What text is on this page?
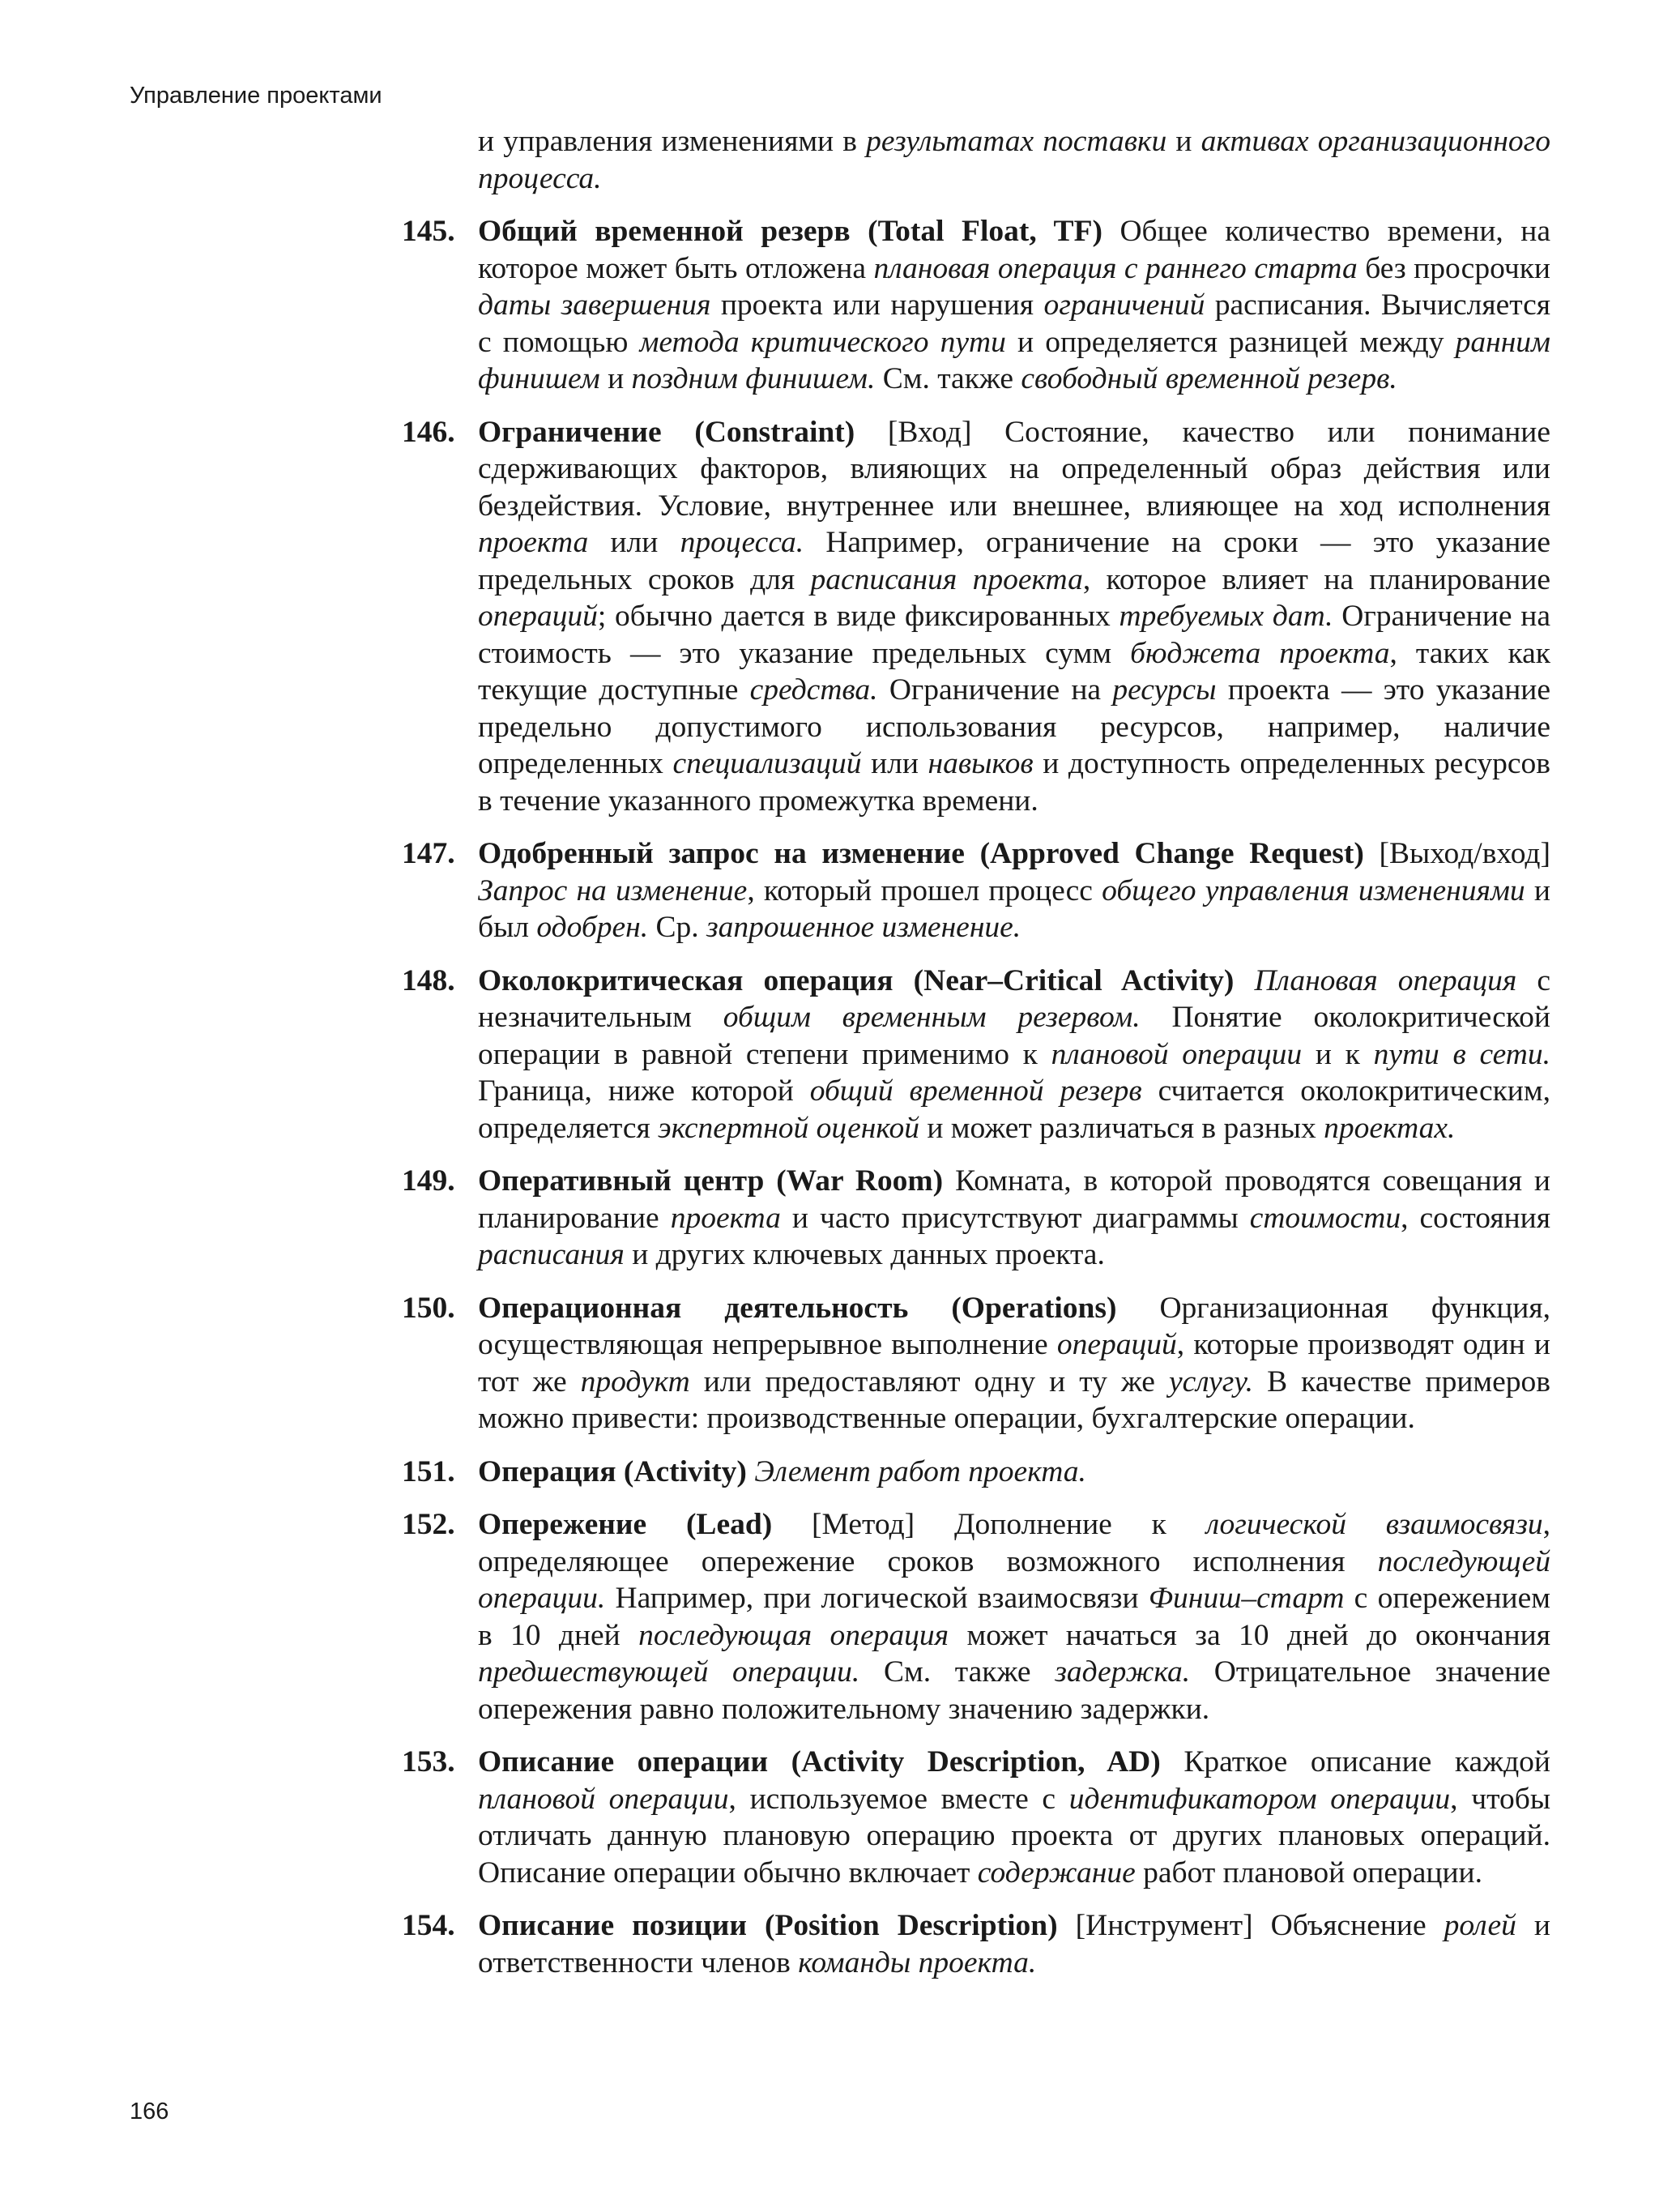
Управление проектами
и управления изменениями в результатах поставки и активах организационного процесса.
145. Общий временной резерв (Total Float, TF) Общее количество времени, на которое может быть отложена плановая операция с раннего старта без просрочки даты завершения проекта или нарушения ограничений расписания. Вычисляется с помощью метода критического пути и определяется разницей между ранним финишем и поздним финишем. См. также свободный временной резерв.
146. Ограничение (Constraint) [Вход] Состояние, качество или понимание сдерживающих факторов, влияющих на определенный образ действия или бездействия. Условие, внутреннее или внешнее, влияющее на ход исполнения проекта или процесса. Например, ограничение на сроки — это указание предельных сроков для расписания проекта, которое влияет на планирование операций; обычно дается в виде фиксированных требуемых дат. Ограничение на стоимость — это указание предельных сумм бюджета проекта, таких как текущие доступные средства. Ограничение на ресурсы проекта — это указание предельно допустимого использования ресурсов, например, наличие определенных специализаций или навыков и доступность определенных ресурсов в течение указанного промежутка времени.
147. Одобренный запрос на изменение (Approved Change Request) [Выход/вход] Запрос на изменение, который прошел процесс общего управления изменениями и был одобрен. Ср. запрошенное изменение.
148. Околокритическая операция (Near–Critical Activity) Плановая операция с незначительным общим временным резервом. Понятие околокритической операции в равной степени применимо к плановой операции и к пути в сети. Граница, ниже которой общий временной резерв считается околокритическим, определяется экспертной оценкой и может различаться в разных проектах.
149. Оперативный центр (War Room) Комната, в которой проводятся совещания и планирование проекта и часто присутствуют диаграммы стоимости, состояния расписания и других ключевых данных проекта.
150. Операционная деятельность (Operations) Организационная функция, осуществляющая непрерывное выполнение операций, которые производят один и тот же продукт или предоставляют одну и ту же услугу. В качестве примеров можно привести: производственные операции, бухгалтерские операции.
151. Операция (Activity) Элемент работ проекта.
152. Опережение (Lead) [Метод] Дополнение к логической взаимосвязи, определяющее опережение сроков возможного исполнения последующей операции. Например, при логической взаимосвязи Финиш–старт с опережением в 10 дней последующая операция может начаться за 10 дней до окончания предшествующей операции. См. также задержка. Отрицательное значение опережения равно положительному значению задержки.
153. Описание операции (Activity Description, AD) Краткое описание каждой плановой операции, используемое вместе с идентификатором операции, чтобы отличать данную плановую операцию проекта от других плановых операций. Описание операции обычно включает содержание работ плановой операции.
154. Описание позиции (Position Description) [Инструмент] Объяснение ролей и ответственности членов команды проекта.
166
